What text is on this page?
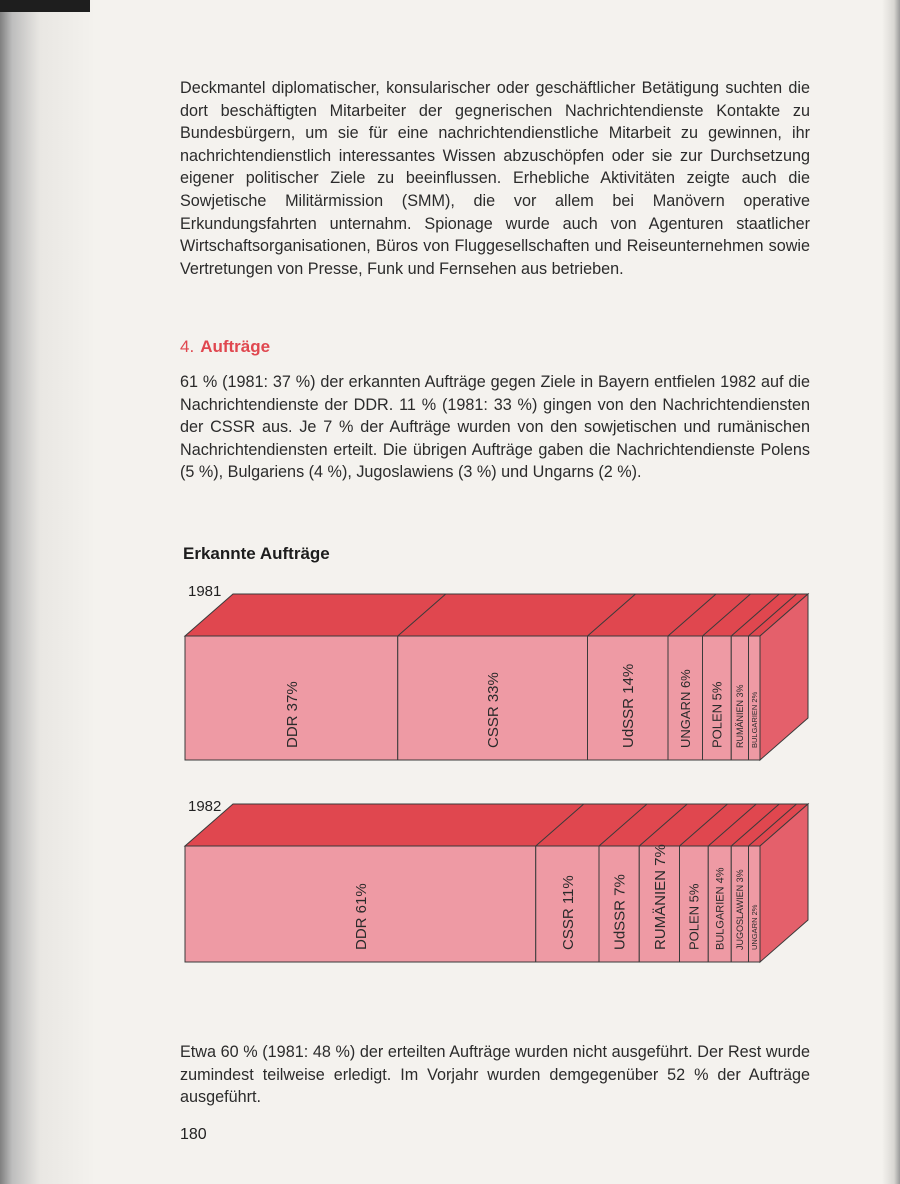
Deckmantel diplomatischer, konsularischer oder geschäftlicher Betätigung suchten die dort beschäftigten Mitarbeiter der gegnerischen Nachrichtendienste Kontakte zu Bundesbürgern, um sie für eine nachrichtendienstliche Mitarbeit zu gewinnen, ihr nachrichtendienstlich interessantes Wissen abzuschöpfen oder sie zur Durchsetzung eigener politischer Ziele zu beeinflussen. Erhebliche Aktivitäten zeigte auch die Sowjetische Militärmission (SMM), die vor allem bei Manövern operative Erkundungsfahrten unternahm. Spionage wurde auch von Agenturen staatlicher Wirtschaftsorganisationen, Büros von Fluggesellschaften und Reiseunternehmen sowie Vertretungen von Presse, Funk und Fernsehen aus betrieben.

4. Aufträge

61 % (1981: 37 %) der erkannten Aufträge gegen Ziele in Bayern entfielen 1982 auf die Nachrichtendienste der DDR. 11 % (1981: 33 %) gingen von den Nachrichtendiensten der CSSR aus. Je 7 % der Aufträge wurden von den sowjetischen und rumänischen Nachrichtendiensten erteilt. Die übrigen Aufträge gaben die Nachrichtendienste Polens (5 %), Bulgariens (4 %), Jugoslawiens (3 %) und Ungarns (2 %).

Erkannte Aufträge
1981
1982
DDR 37%	CSSR 33%	UdSSR 14%	UNGARN 6% POLEN 5% RUMÄNIEN 3% BULGARIEN 2%
DDR 61%	CSSR 11% UdSSR 7% RUMÄNIEN 7% POLEN 5% BULGARIEN 4% JUGOSLAWIEN 3% UNGARN 2%

Etwa 60 % (1981: 48 %) der erteilten Aufträge wurden nicht ausgeführt. Der Rest wurde zumindest teilweise erledigt. Im Vorjahr wurden demgegenüber 52 % der Aufträge ausgeführt.

180
